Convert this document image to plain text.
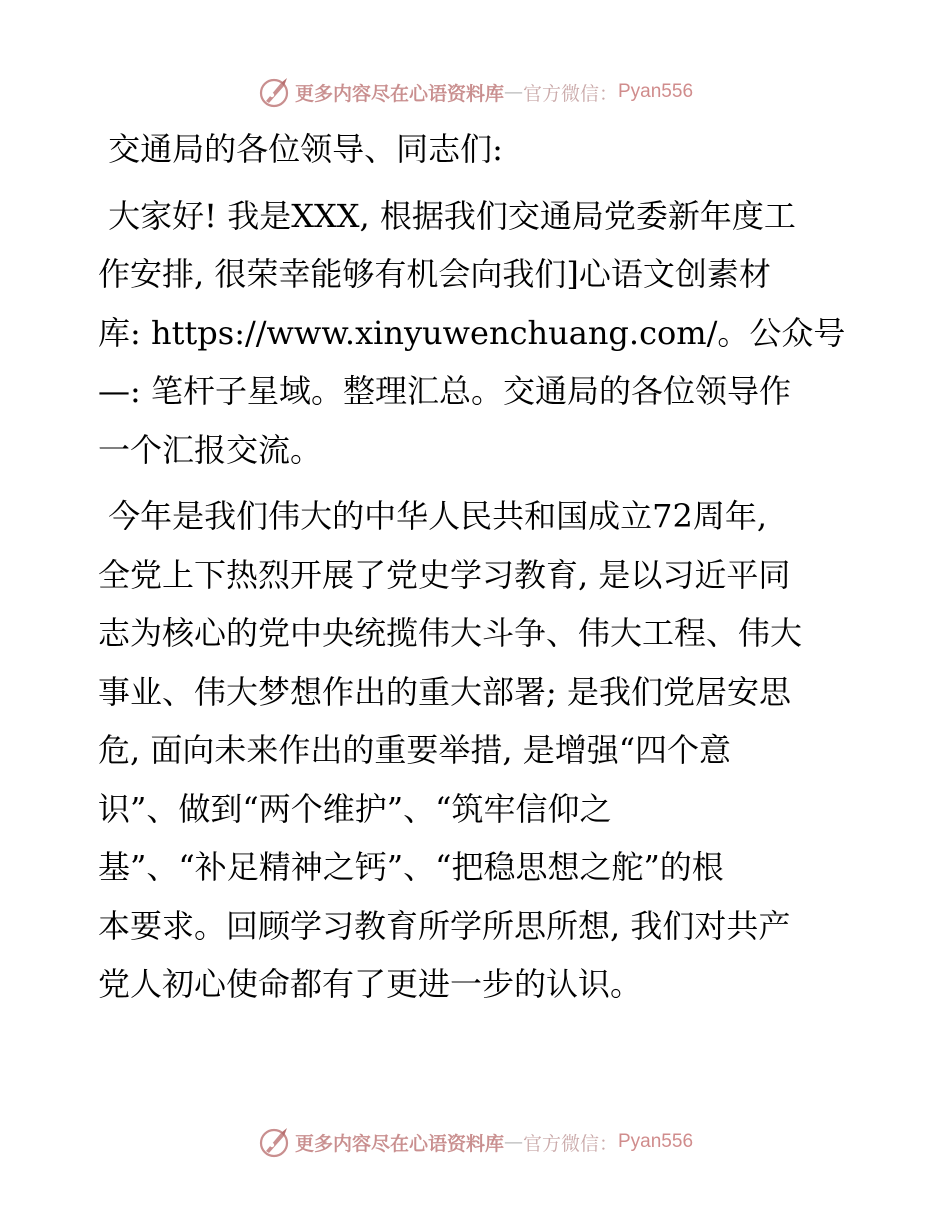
更多内容尽在心语资料库 — 官方微信： Pyan556

交通局的各位领导、同志们:

大家好! 我是XXX, 根据我们交通局党委新年度工
作安排, 很荣幸能够有机会向我们]心语文创素材
库: https://www.xinyuwenchuang.com/。公众号
—: 笔杆子星域。整理汇总。交通局的各位领导作
一个汇报交流。

今年是我们伟大的中华人民共和国成立72周年,
全党上下热烈开展了党史学习教育, 是以习近平同
志为核心的党中央统揽伟大斗争、伟大工程、伟大
事业、伟大梦想作出的重大部署; 是我们党居安思
危, 面向未来作出的重要举措, 是增强“四个意
识”、做到“两个维护”、“筑牢信仰之
基”、“补足精神之钙”、“把稳思想之舵”的根
本要求。回顾学习教育所学所思所想, 我们对共产
党人初心使命都有了更进一步的认识。

更多内容尽在心语资料库 — 官方微信： Pyan556
